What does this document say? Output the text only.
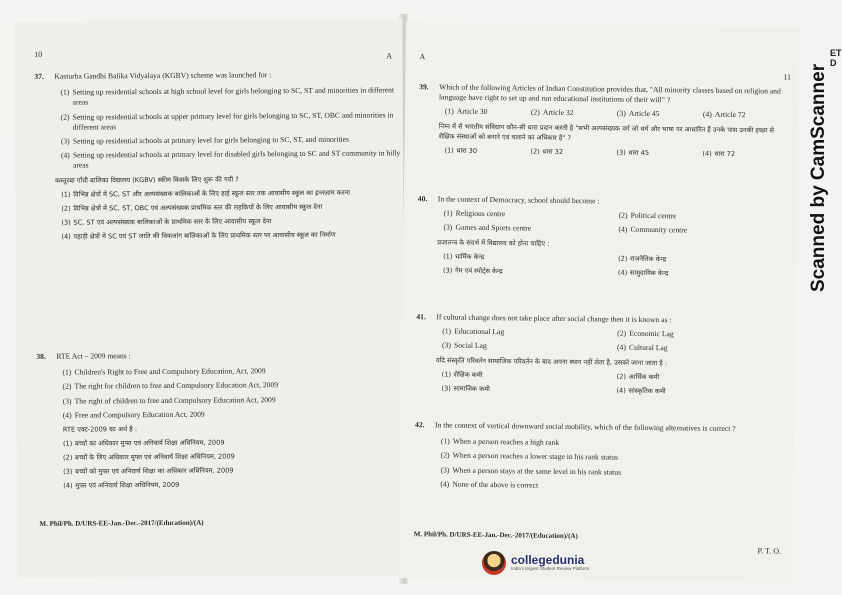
10	A
37. Kasturba Gandhi Balika Vidyalaya (KGBV) scheme was launched for :
(1) Setting up residential schools at high school level for girls belonging to SC, ST and minorities in different areas
(2) Setting up residential schools at upper primary level for girls belonging to SC, ST, OBC and minorities in different areas
(3) Setting up residential schools at primary level for girls belonging to SC, ST, and minorities
(4) Setting up residential schools at primary level for disabled girls belonging to SC and ST community in hilly areas
कस्तूरबा गाँधी बालिका विद्यालय (KGBV) स्कीम किसके लिए शुरू की गयी ?
(1) विभिन्न क्षेत्रों में SC, ST और अल्पसंख्यक बालिकाओं के लिए हाई स्कूल स्तर तक आवासीय स्कूल का इन्तज़ाम करना
(2) विभिन्न क्षेत्रों में SC, ST, OBC एवं अल्पसंख्यक प्राथमिक स्तर की लड़कियों के लिए आवासीय स्कूल देना
(3) SC, ST एवं अल्पसंख्यक बालिकाओं के प्राथमिक स्तर के लिए आवासीय स्कूल देना
(4) पहाड़ी क्षेत्रों में SC एवं ST जाति की विकलांग बालिकाओं के लिए प्राथमिक स्तर पर आवासीय स्कूल का निर्माण
38. RTE Act – 2009 means :
(1) Children's Right to Free and Compulsory Education, Act, 2009
(2) The right for children to free and Compulsory Education Act, 2009
(3) The right of children to free and Compulsory Education Act, 2009
(4) Free and Compulsory Education Act, 2009
RTE एक्ट-2009 का अर्थ है :
(1) बच्चों का अधिकार मुफ्त एवं अनिवार्य शिक्षा अधिनियम, 2009
(2) बच्चों के लिए अधिकार मुफ्त एवं अनिवार्य शिक्षा अधिनियम, 2009
(3) बच्चों को मुफ्त एवं अनिवार्य शिक्षा का अधिकार अधिनियम, 2009
(4) मुफ्त एवं अनिवार्य शिक्षा अधिनियम, 2009
M. Phil/Ph. D/URS-EE-Jan.-Dec.-2017/(Education)/(A)
A
11
39. Which of the following Articles of Indian Constitution provides that, "All minority classes based on religion and language have right to set up and run educational institutions of their will" ?
(1) Article 30	(2) Article 32	(3) Article 45	(4) Article 72
निम्न में से भारतीय संविधान कौन-सी धारा प्रदान करती है "सभी अल्पसंख्यक वर्ग जो धर्म और भाषा पर आधारित हैं उनके पास उनकी इच्छा से शैक्षिक संस्थाओं को बनाने एवं चलाने का अधिकार है" ?
(1) धारा 30	(2) धारा 32	(3) धारा 45	(4) धारा 72
40. In the context of Democracy, school should become :
(1) Religious centre	(2) Political centre
(3) Games and Sports centre	(4) Community centre
प्रजातन्त्र के संदर्भ में विद्यालय को होना चाहिए :
(1) धार्मिक केन्द्र	(2) राजनैतिक केन्द्र
(3) गेम एवं स्पोर्ट्स केन्द्र	(4) सामुदायिक केन्द्र
41. If cultural change does not take place after social change then it is known as :
(1) Educational Lag	(2) Economic Lag
(3) Social Lag	(4) Cultural Lag
यदि संस्कृति परिवर्तन सामाजिक परिवर्तन के बाद अपना स्थान नहीं लेता है, उसको जाना जाता है :
(1) शैक्षिक कमी	(2) आर्थिक कमी
(3) सामाजिक कमी	(4) सांस्कृतिक कमी
42. In the context of vertical downward social mobility, which of the following alternatives is correct ?
(1) When a person reaches a high rank
(2) When a person reaches a lower stage in his rank status
(3) When a person stays at the same level in his rank status
(4) None of the above is correct
M. Phil/Ph. D/URS-EE-Jan.-Dec.-2017/(Education)/(A)
P. T. O.
Scanned by CamScanner
ET D
collegedunia
India's largest Student Review Platform
